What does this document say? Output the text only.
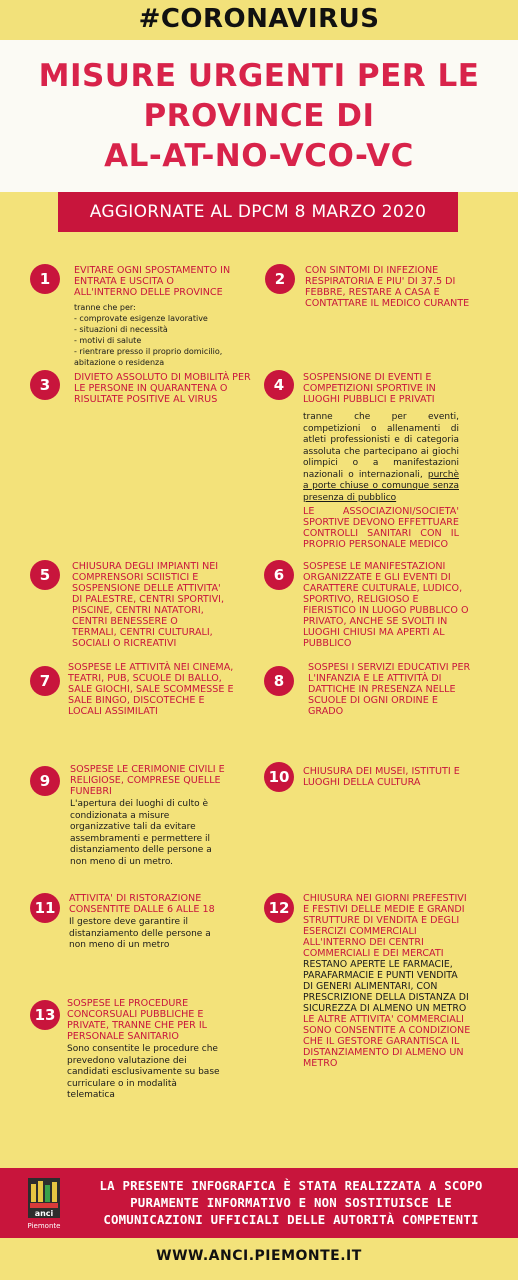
#CORONAVIRUS
MISURE URGENTI PER LE
PROVINCE DI
AL-AT-NO-VCO-VC
AGGIORNATE AL DPCM 8 MARZO 2020
1	EVITARE OGNI SPOSTAMENTO IN
ENTRATA E USCITA O
ALL'INTERNO DELLE PROVINCE
tranne che per:
- comprovate esigenze lavorative
- situazioni di necessità
- motivi di salute
- rientrare presso il proprio domicilio,
abitazione o residenza
2	CON SINTOMI DI INFEZIONE
RESPIRATORIA E PIU' DI 37.5 DI
FEBBRE, RESTARE A CASA E
CONTATTARE IL MEDICO CURANTE
3	DIVIETO ASSOLUTO DI MOBILITÀ PER
LE PERSONE IN QUARANTENA O
RISULTATE POSITIVE AL VIRUS
4	SOSPENSIONE DI EVENTI E
COMPETIZIONI SPORTIVE IN
LUOGHI PUBBLICI E PRIVATI
tranne che per eventi, competizioni o allenamenti di atleti professionisti e di categoria assoluta che partecipano ai giochi olimpici o a manifestazioni nazionali o internazionali, purchè a porte chiuse o comunque senza presenza di pubblico
LE ASSOCIAZIONI/SOCIETA' SPORTIVE DEVONO EFFETTUARE CONTROLLI SANITARI CON IL PROPRIO PERSONALE MEDICO
5	CHIUSURA DEGLI IMPIANTI NEI
COMPRENSORI SCIISTICI E
SOSPENSIONE DELLE ATTIVITA'
DI PALESTRE, CENTRI SPORTIVI,
PISCINE, CENTRI NATATORI,
CENTRI BENESSERE O
TERMALI, CENTRI CULTURALI,
SOCIALI O RICREATIVI
6	SOSPESE LE MANIFESTAZIONI
ORGANIZZATE E GLI EVENTI DI
CARATTERE CULTURALE, LUDICO,
SPORTIVO, RELIGIOSO E
FIERISTICO IN LUOGO PUBBLICO O
PRIVATO, ANCHE SE SVOLTI IN
LUOGHI CHIUSI MA APERTI AL
PUBBLICO
7
SOSPESE LE ATTIVITÀ NEI CINEMA,
TEATRI, PUB, SCUOLE DI BALLO,
SALE GIOCHI, SALE SCOMMESSE E
SALE BINGO, DISCOTECHE E
LOCALI ASSIMILATI
8
SOSPESI I SERVIZI EDUCATIVI PER
L'INFANZIA E LE ATTIVITÀ DI
DATTICHE IN PRESENZA NELLE
SCUOLE DI OGNI ORDINE E
GRADO
9
SOSPESE LE CERIMONIE CIVILI E
RELIGIOSE, COMPRESE QUELLE
FUNEBRI
L'apertura dei luoghi di culto è
condizionata a misure
organizzative tali da evitare
assembramenti e permettere il
distanziamento delle persone a
non meno di un metro.
10	CHIUSURA DEI MUSEI, ISTITUTI E
LUOGHI DELLA CULTURA
11
ATTIVITA' DI RISTORAZIONE
CONSENTITE DALLE 6 ALLE 18
Il gestore deve garantire il
distanziamento delle persone a
non meno di un metro
12
CHIUSURA NEI GIORNI PREFESTIVI
E FESTIVI DELLE MEDIE E GRANDI
STRUTTURE DI VENDITA E DEGLI
ESERCIZI COMMERCIALI
ALL'INTERNO DEI CENTRI
COMMERCIALI E DEI MERCATI
RESTANO APERTE LE FARMACIE,
PARAFARMACIE E PUNTI VENDITA
DI GENERI ALIMENTARI, CON
PRESCRIZIONE DELLA DISTANZA DI
SICUREZZA DI ALMENO UN METRO
LE ALTRE ATTIVITA' COMMERCIALI
SONO CONSENTITE A CONDIZIONE
CHE IL GESTORE GARANTISCA IL
DISTANZIAMENTO DI ALMENO UN
METRO
13
SOSPESE LE PROCEDURE
CONCORSUALI PUBBLICHE E
PRIVATE, TRANNE CHE PER IL
PERSONALE SANITARIO
Sono consentite le procedure che
prevedono valutazione dei
candidati esclusivamente su base
curriculare o in modalità
telematica
anci
Piemonte
LA PRESENTE INFOGRAFICA È STATA REALIZZATA A SCOPO
PURAMENTE INFORMATIVO E NON SOSTITUISCE LE
COMUNICAZIONI UFFICIALI DELLE AUTORITÀ COMPETENTI
WWW.ANCI.PIEMONTE.IT
